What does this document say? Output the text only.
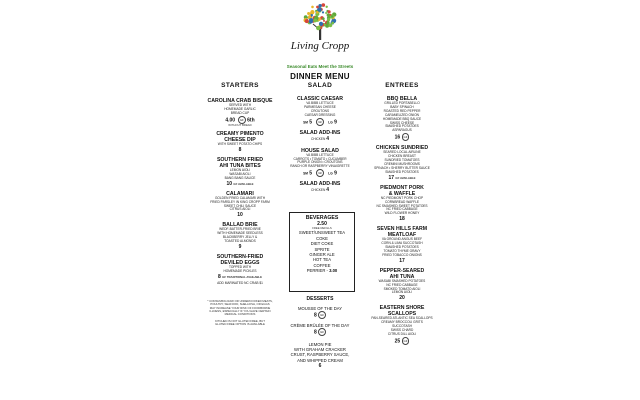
Living Cropp
Seasonal Eats Meet the Streets
DINNER MENU
STARTERS
CAROLINA CRAB BISQUE
SERVED WITH
HOMEMADE GARLIC
BREAD CUP
4.00 GF 6th
WITHOUT BREAD
CREAMY PIMENTO
CHEESE DIP
WITH SWEET POTATO CHIPS
8
SOUTHERN FRIED
AHI TUNA BITES
LEMON AIOLI
WASABI AIOLI
BANG BANG SAUCE
10 GF AVAILABLE
CALAMARI
GOLDEN FRIED CALAMARI WITH
FRIED PARSLEY IN KING CROPP FARM
SWEET CHILI SAUCE
CITRUS AIOLI
10
BALLAD BRIE
WEDF-BATTER-FRIED BRIE
WITH HOMEMADE SEEDLESS
BLACKBERRY JELLY &
TOASTED ALMONDS
9
SOUTHERN-FRIED
DEVILED EGGS
TOPPED WITH
HOMEMADE PICKLES
8 GF TRADITIONAL AVAILABLE
ADD MARINATED NC CRAB $1
* CONSUMING RAW OR UNDERCOOKED MEATS,
POULTRY, SEAFOOD, SHELLFISH, OR EGGS
MAY INCREASE YOUR RISK OF FOODBORNE
ILLNESS, ESPECIALLY IF YOU HAVE CERTAIN
MEDICAL CONDITIONS
KITCHEN IS NOT GLUTEN FREE, BUT
GLUTEN FREE OPTION IS AVAILABLE
SALAD
CLASSIC CAESAR
VA BIBB LETTUCE
PARMESAN CHEESE
CROUTONS
CAESAR DRESSING
SM 5 GF LG 9
SALAD ADD-INS
CHICKEN 4
HOUSE SALAD
VA BIBB LETTUCE
CARROTS • TOMATO • CUCUMBER
PURPLE ONION • CROUTONS
RANCH OR RASPBERRY VINAIGRETTE
SM 5 GF LG 9
SALAD ADD-INS
CHICKEN 4
BEVERAGES
2.50
FREE REFILLS
SWEET/UNSWEET TEA
COKE
DIET COKE
SPRITE
GINGER ALE
HOT TEA
COFFEE
PERRIER - 3.00
DESSERTS
MOUSSE OF THE DAY
8 GF
CRÈME BRÛLÉE OF THE DAY
8 GF
LEMON PIE
WITH GRAHAM CRACKER
CRUST, RASPBERRY SAUCE,
AND WHIPPED CREAM
6
ENTREES
BBQ BELLA
GRILLED PORTABELLO
BABY SPINACH
ROASTED RED PEPPER
CARAMELIZED ONION
HOMEMADE BBQ SAUCE
SWISS CHEESE
SMASHED POTATOES
ASPARAGUS
16 GF
CHICKEN SUNDRIED
SEARED LOCAL AIRLINE
CHICKEN BREAST
SUNDRIED TOMATOES
CREMINI MUSHROOMS
SPINACH • SHERRY BUTTER SAUCE
SMASHED POTATOES
17 GF AVAILABLE
PIEDMONT PORK
& WAFFLE
NC PIEDMONT PORK CHOP
CORNBREAD WAFFLE
NC SMASHED SWEET POTATOES
NC FRIED CABBAGE
WILD FLOWER HONEY
18
SEVEN HILLS FARM
MEATLOAF
VA GROUND ANGUS BEEF
CORN & LIMA SUCCOTASH
SMASHED POTATOES
TOMATO THYME GRAVY
FRIED TOBACCO ONIONS
17
PEPPER-SEARED
AHI TUNA
WASABI SMASHED POTATOES
NC FRIED CABBAGE
SMOKED TOMATO AIOLI
LEMON AIOLI
20
EASTERN SHORE
SCALLOPS
PAN-SEARED ATLANTIC SEA SCALLOPS
CREAMY BROCCOLI GRITS
SUCCOTASH
SWISS CHARD
CITRUS DILL AIOLI
25 GF
